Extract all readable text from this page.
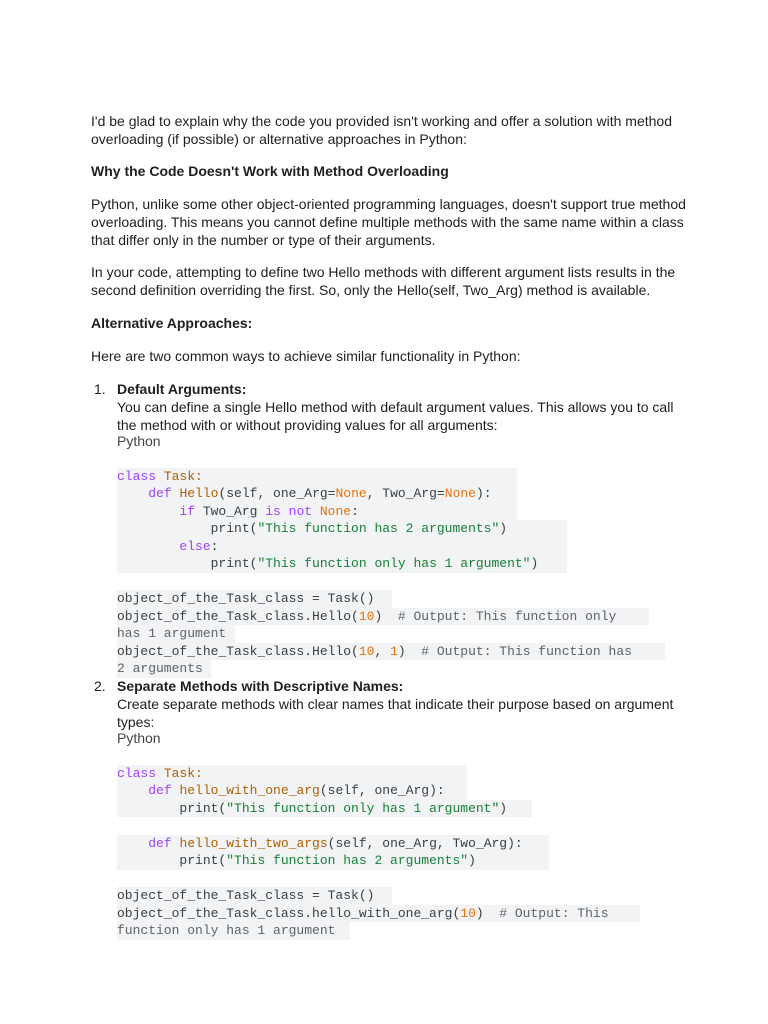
I'd be glad to explain why the code you provided isn't working and offer a solution with method
overloading (if possible) or alternative approaches in Python:
Why the Code Doesn't Work with Method Overloading
Python, unlike some other object-oriented programming languages, doesn't support true method
overloading. This means you cannot define multiple methods with the same name within a class
that differ only in the number or type of their arguments.
In your code, attempting to define two Hello methods with different argument lists results in the
second definition overriding the first. So, only the Hello(self, Two_Arg) method is available.
Alternative Approaches:
Here are two common ways to achieve similar functionality in Python:
1. Default Arguments:
You can define a single Hello method with default argument values. This allows you to call
the method with or without providing values for all arguments:
Python

class Task:
def Hello(self, one_Arg=None, Two_Arg=None):
if Two_Arg is not None:
print("This function has 2 arguments")
else:
print("This function only has 1 argument")

object_of_the_Task_class = Task()
object_of_the_Task_class.Hello(10)  # Output: This function only
has 1 argument
object_of_the_Task_class.Hello(10, 1)  # Output: This function has
2 arguments
2. Separate Methods with Descriptive Names:
Create separate methods with clear names that indicate their purpose based on argument
types:
Python

class Task:
def hello_with_one_arg(self, one_Arg):
print("This function only has 1 argument")

def hello_with_two_args(self, one_Arg, Two_Arg):
print("This function has 2 arguments")

object_of_the_Task_class = Task()
object_of_the_Task_class.hello_with_one_arg(10)  # Output: This
function only has 1 argument
